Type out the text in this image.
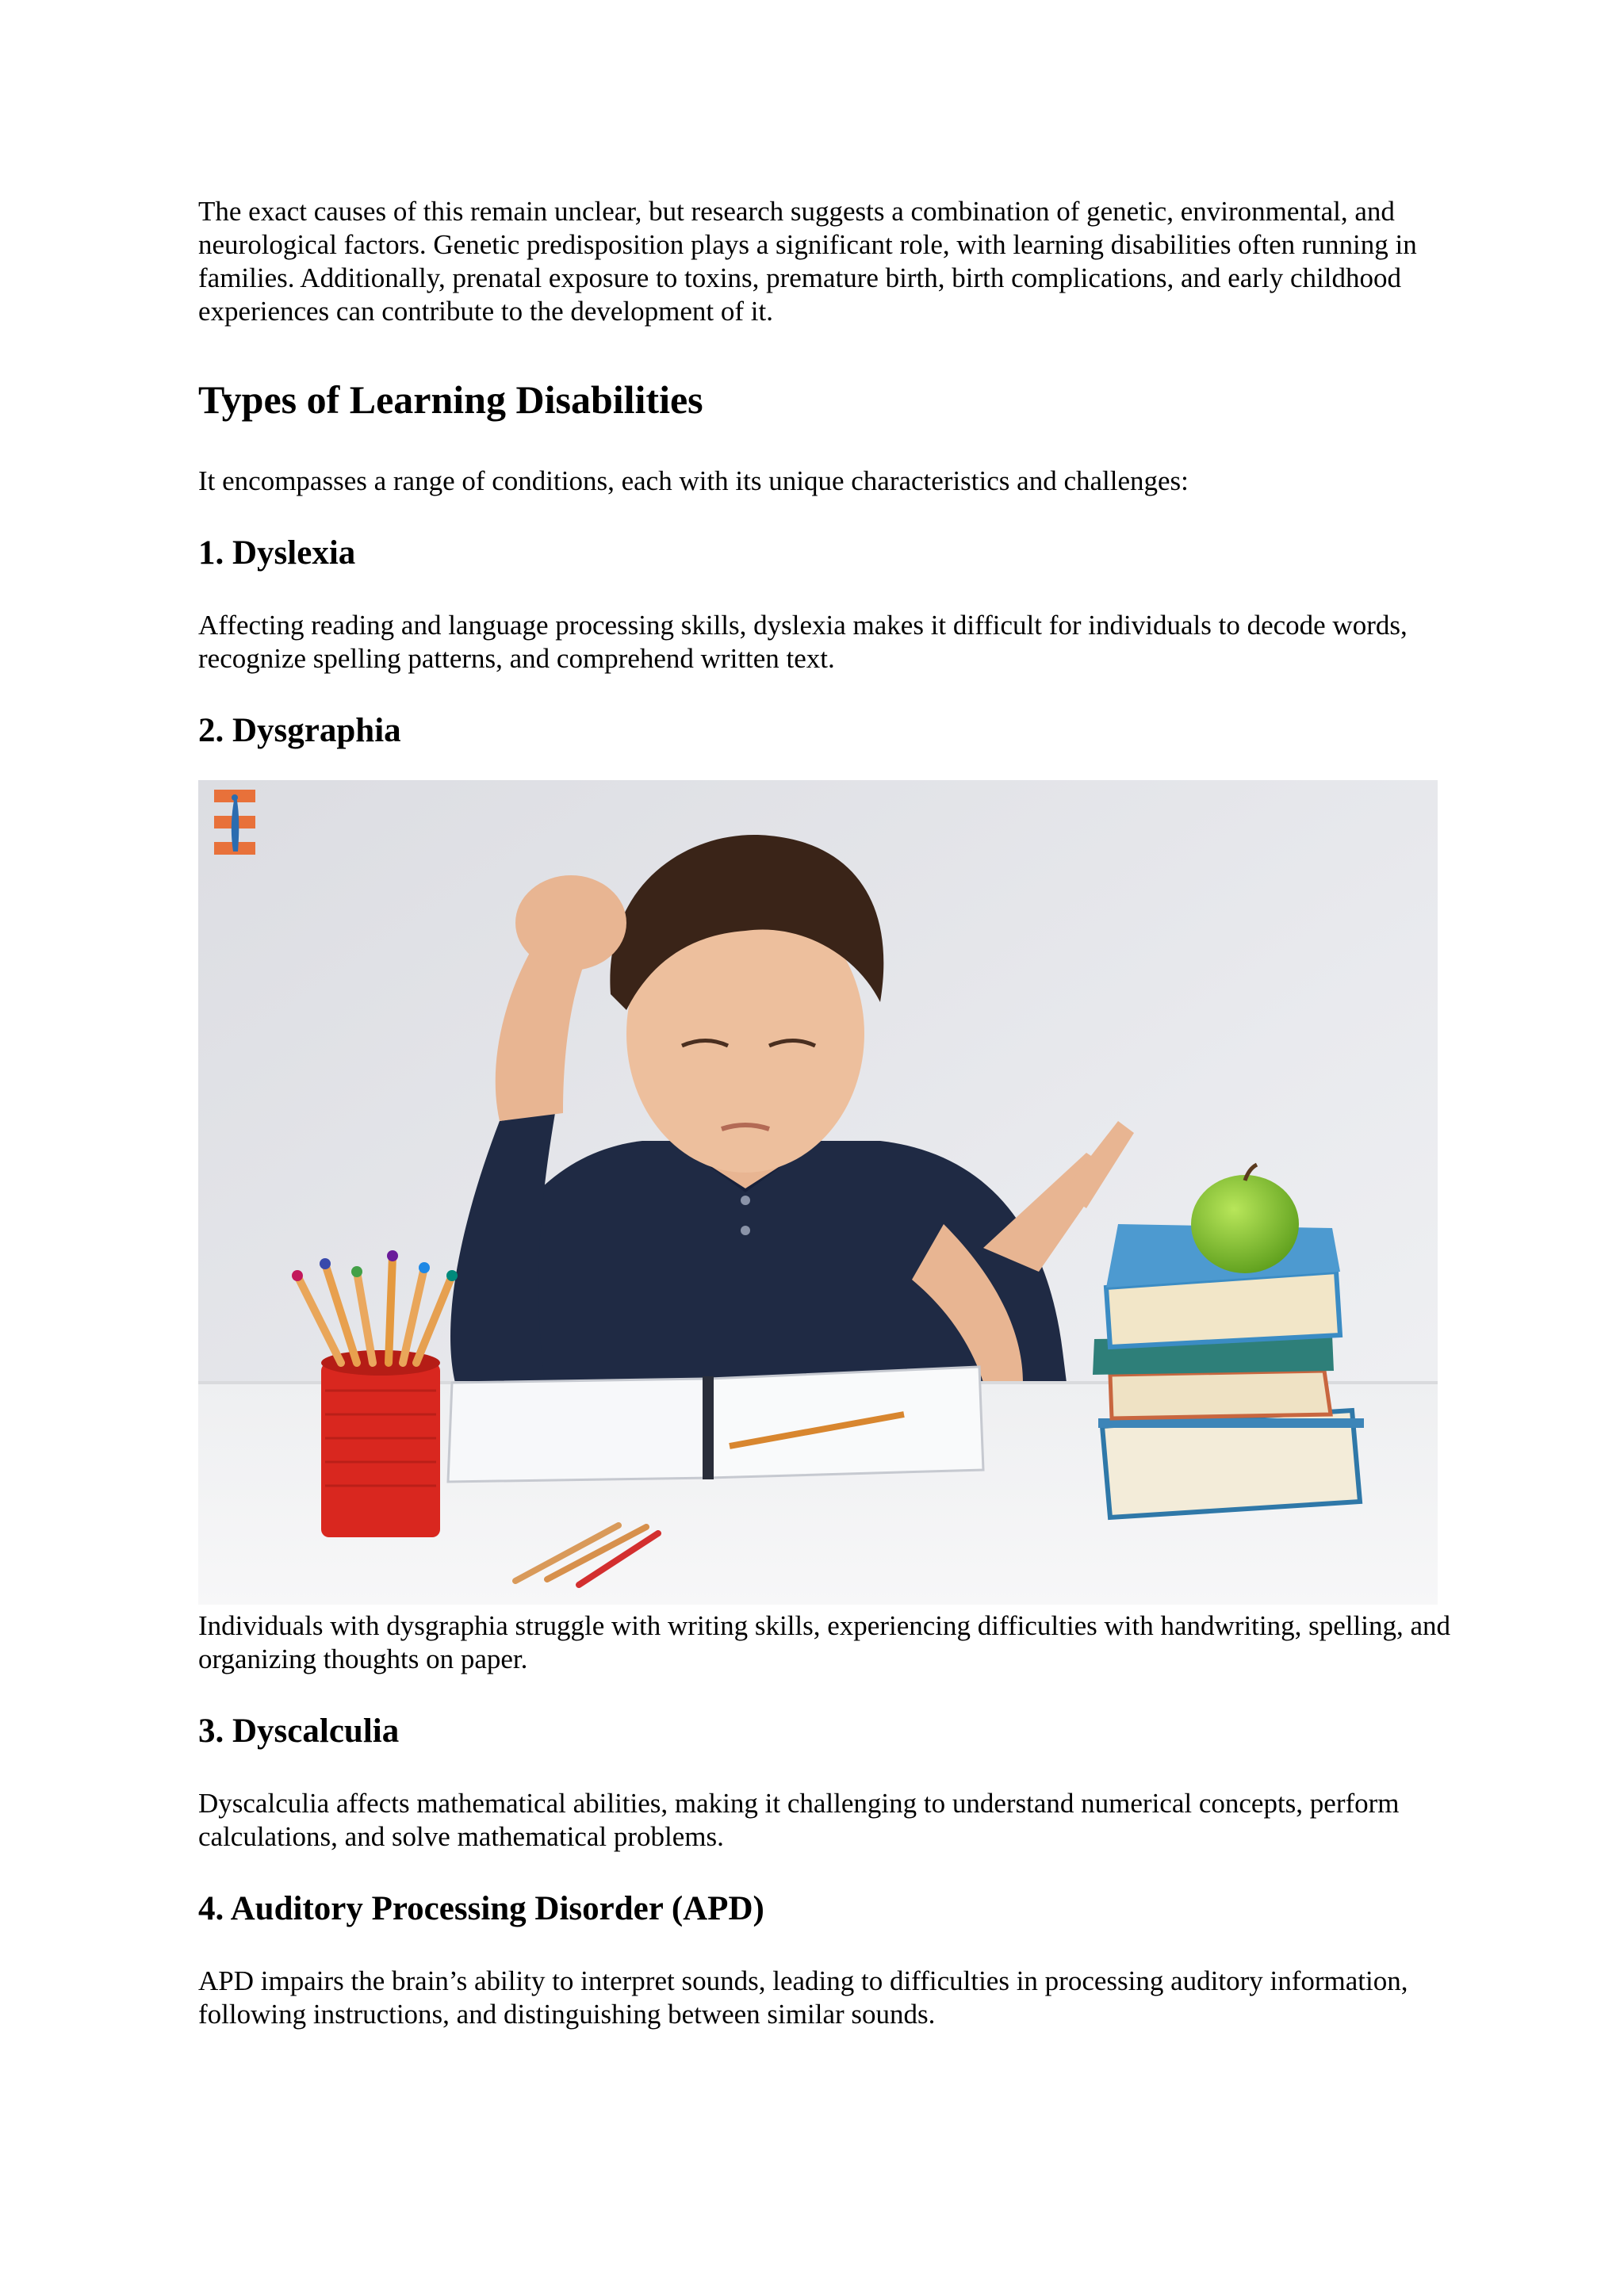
The exact causes of this remain unclear, but research suggests a combination of genetic, environmental, and neurological factors. Genetic predisposition plays a significant role, with learning disabilities often running in families. Additionally, prenatal exposure to toxins, premature birth, birth complications, and early childhood experiences can contribute to the development of it.

Types of Learning Disabilities

It encompasses a range of conditions, each with its unique characteristics and challenges:

1. Dyslexia

Affecting reading and language processing skills, dyslexia makes it difficult for individuals to decode words, recognize spelling patterns, and comprehend written text.

2. Dysgraphia

Individuals with dysgraphia struggle with writing skills, experiencing difficulties with handwriting, spelling, and organizing thoughts on paper.

3. Dyscalculia

Dyscalculia affects mathematical abilities, making it challenging to understand numerical concepts, perform calculations, and solve mathematical problems.

4. Auditory Processing Disorder (APD)

APD impairs the brain’s ability to interpret sounds, leading to difficulties in processing auditory information, following instructions, and distinguishing between similar sounds.
